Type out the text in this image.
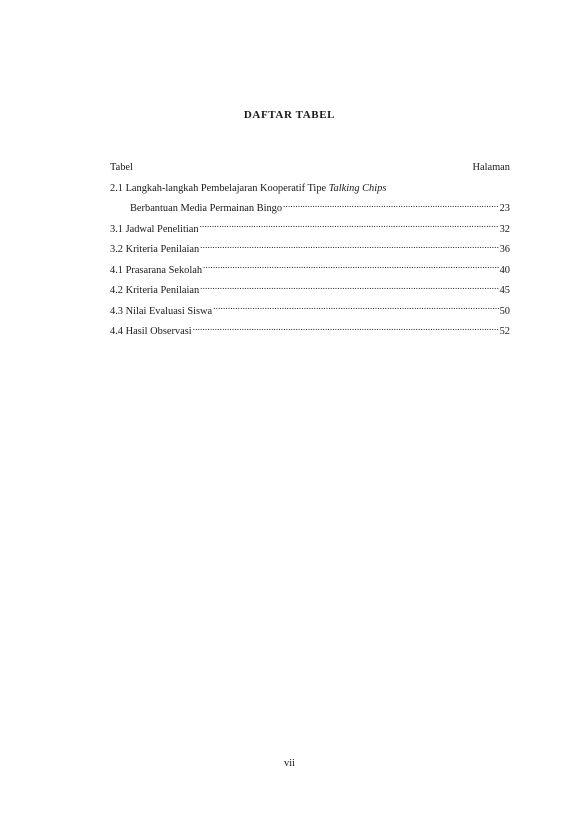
DAFTAR TABEL
Tabel	Halaman
2.1 Langkah-langkah Pembelajaran Kooperatif Tipe Talking Chips
Berbantuan Media Permainan Bingo .....	23
3.1 Jadwal Penelitian .....	32
3.2 Kriteria Penilaian .....	36
4.1 Prasarana Sekolah .....	40
4.2 Kriteria Penilaian .....	45
4.3 Nilai Evaluasi Siswa .....	50
4.4 Hasil Observasi .....	52
vii
